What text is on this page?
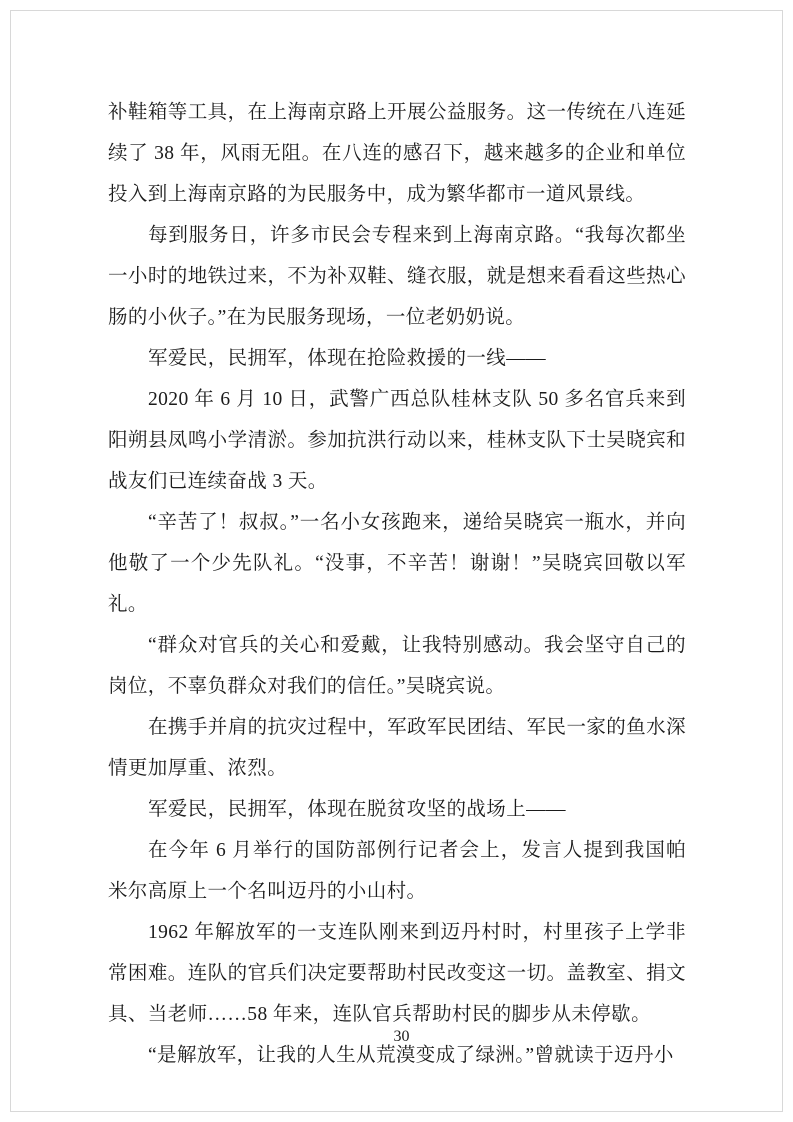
补鞋箱等工具，在上海南京路上开展公益服务。这一传统在八连延续了 38 年，风雨无阻。在八连的感召下，越来越多的企业和单位投入到上海南京路的为民服务中，成为繁华都市一道风景线。

每到服务日，许多市民会专程来到上海南京路。“我每次都坐一小时的地铁过来，不为补双鞋、缝衣服，就是想来看看这些热心肠的小伙子。”在为民服务现场，一位老奶奶说。

军爱民，民拥军，体现在抢险救援的一线——

2020 年 6 月 10 日，武警广西总队桂林支队 50 多名官兵来到阳朔县凤鸣小学清淤。参加抗洪行动以来，桂林支队下士吴晓宾和战友们已连续奋战 3 天。

“辛苦了！叔叔。”一名小女孩跑来，递给吴晓宾一瓶水，并向他敬了一个少先队礼。“没事，不辛苦！谢谢！”吴晓宾回敬以军礼。

“群众对官兵的关心和爱戴，让我特别感动。我会坚守自己的岗位，不辜负群众对我们的信任。”吴晓宾说。

在携手并肩的抗灾过程中，军政军民团结、军民一家的鱼水深情更加厚重、浓烈。

军爱民，民拥军，体现在脱贫攻坚的战场上——

在今年 6 月举行的国防部例行记者会上，发言人提到我国帕米尔高原上一个名叫迈丹的小山村。

1962 年解放军的一支连队刚来到迈丹村时，村里孩子上学非常困难。连队的官兵们决定要帮助村民改变这一切。盖教室、捐文具、当老师……58 年来，连队官兵帮助村民的脚步从未停歇。

“是解放军，让我的人生从荒漠变成了绿洲。”曾就读于迈丹小

30
